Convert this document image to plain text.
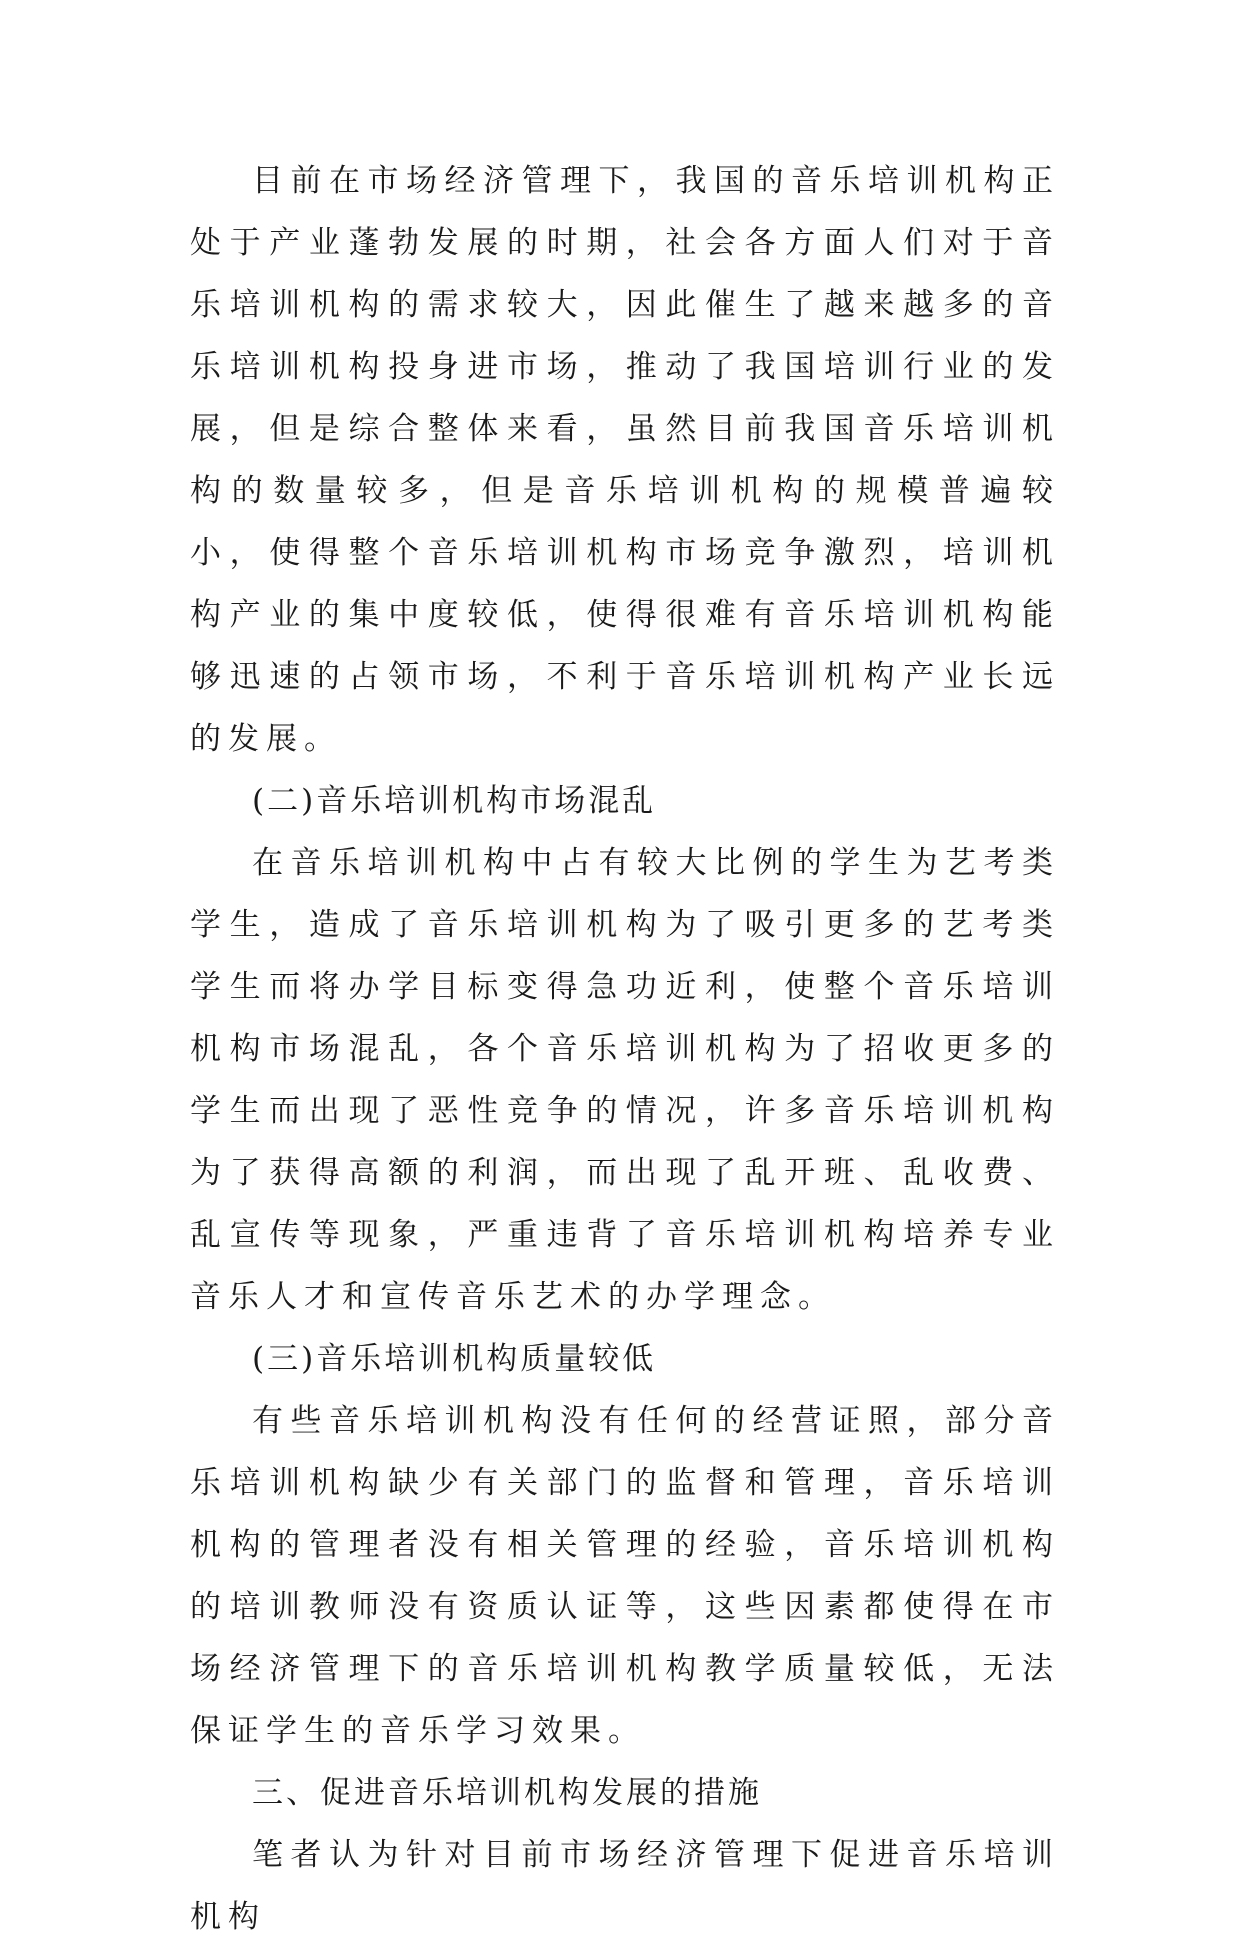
目前在市场经济管理下，我国的音乐培训机构正处于产业蓬勃发展的时期，社会各方面人们对于音乐培训机构的需求较大，因此催生了越来越多的音乐培训机构投身进市场，推动了我国培训行业的发展，但是综合整体来看，虽然目前我国音乐培训机构的数量较多，但是音乐培训机构的规模普遍较小，使得整个音乐培训机构市场竞争激烈，培训机构产业的集中度较低，使得很难有音乐培训机构能够迅速的占领市场，不利于音乐培训机构产业长远的发展。

(二)音乐培训机构市场混乱

在音乐培训机构中占有较大比例的学生为艺考类学生，造成了音乐培训机构为了吸引更多的艺考类学生而将办学目标变得急功近利，使整个音乐培训机构市场混乱，各个音乐培训机构为了招收更多的学生而出现了恶性竞争的情况，许多音乐培训机构为了获得高额的利润，而出现了乱开班、乱收费、乱宣传等现象，严重违背了音乐培训机构培养专业音乐人才和宣传音乐艺术的办学理念。

(三)音乐培训机构质量较低

有些音乐培训机构没有任何的经营证照，部分音乐培训机构缺少有关部门的监督和管理，音乐培训机构的管理者没有相关管理的经验，音乐培训机构的培训教师没有资质认证等，这些因素都使得在市场经济管理下的音乐培训机构教学质量较低，无法保证学生的音乐学习效果。

三、促进音乐培训机构发展的措施

笔者认为针对目前市场经济管理下促进音乐培训机构
